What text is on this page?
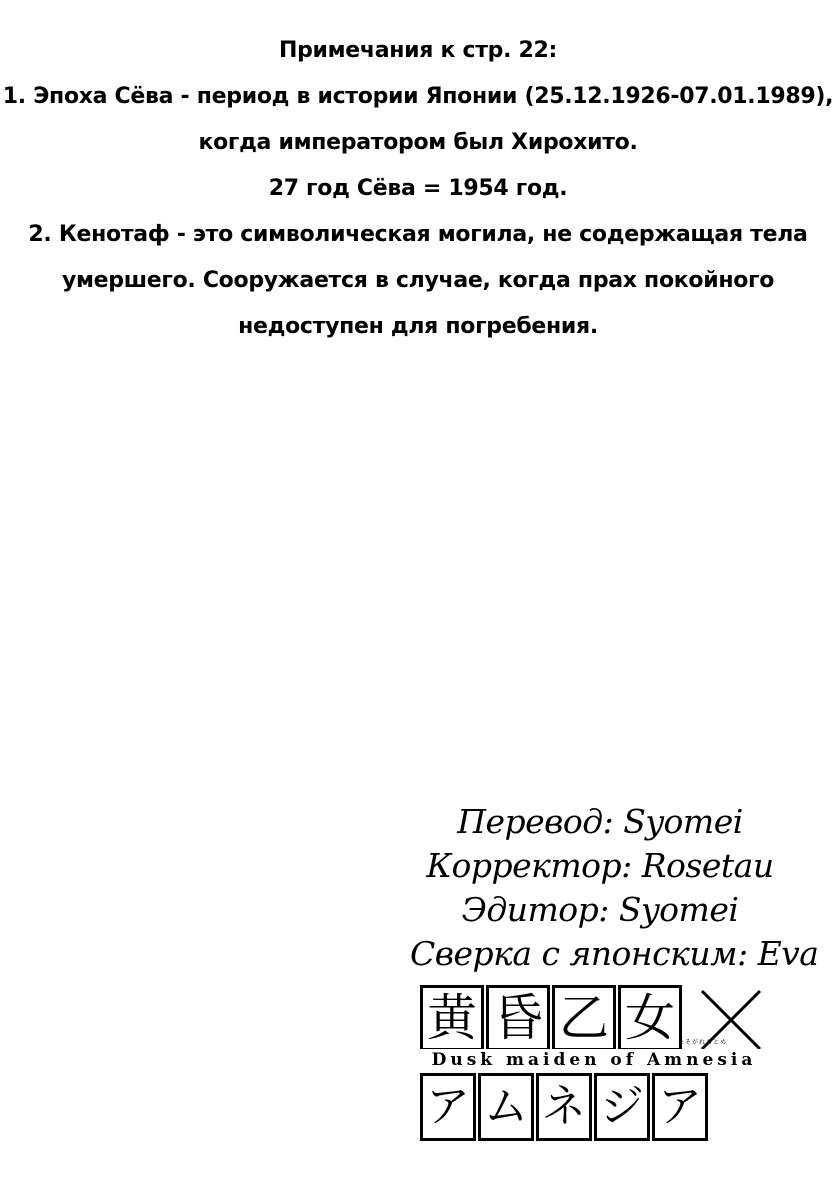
Примечания к стр. 22:
1. Эпоха Сёва - период в истории Японии (25.12.1926-07.01.1989),
когда императором был Хирохито.
27 год Сёва = 1954 год.
2. Кенотаф - это символическая могила, не содержащая тела
умершего. Сооружается в случае, когда прах покойного
недоступен для погребения.
Перевод: Syomei
Корректор: Rosetau
Эдитор: Syomei
Сверка с японским: Eva
黄 昏 乙 女 たそがれおとめ
Dusk maiden of Amnesia
ア ム ネ ジ ア
